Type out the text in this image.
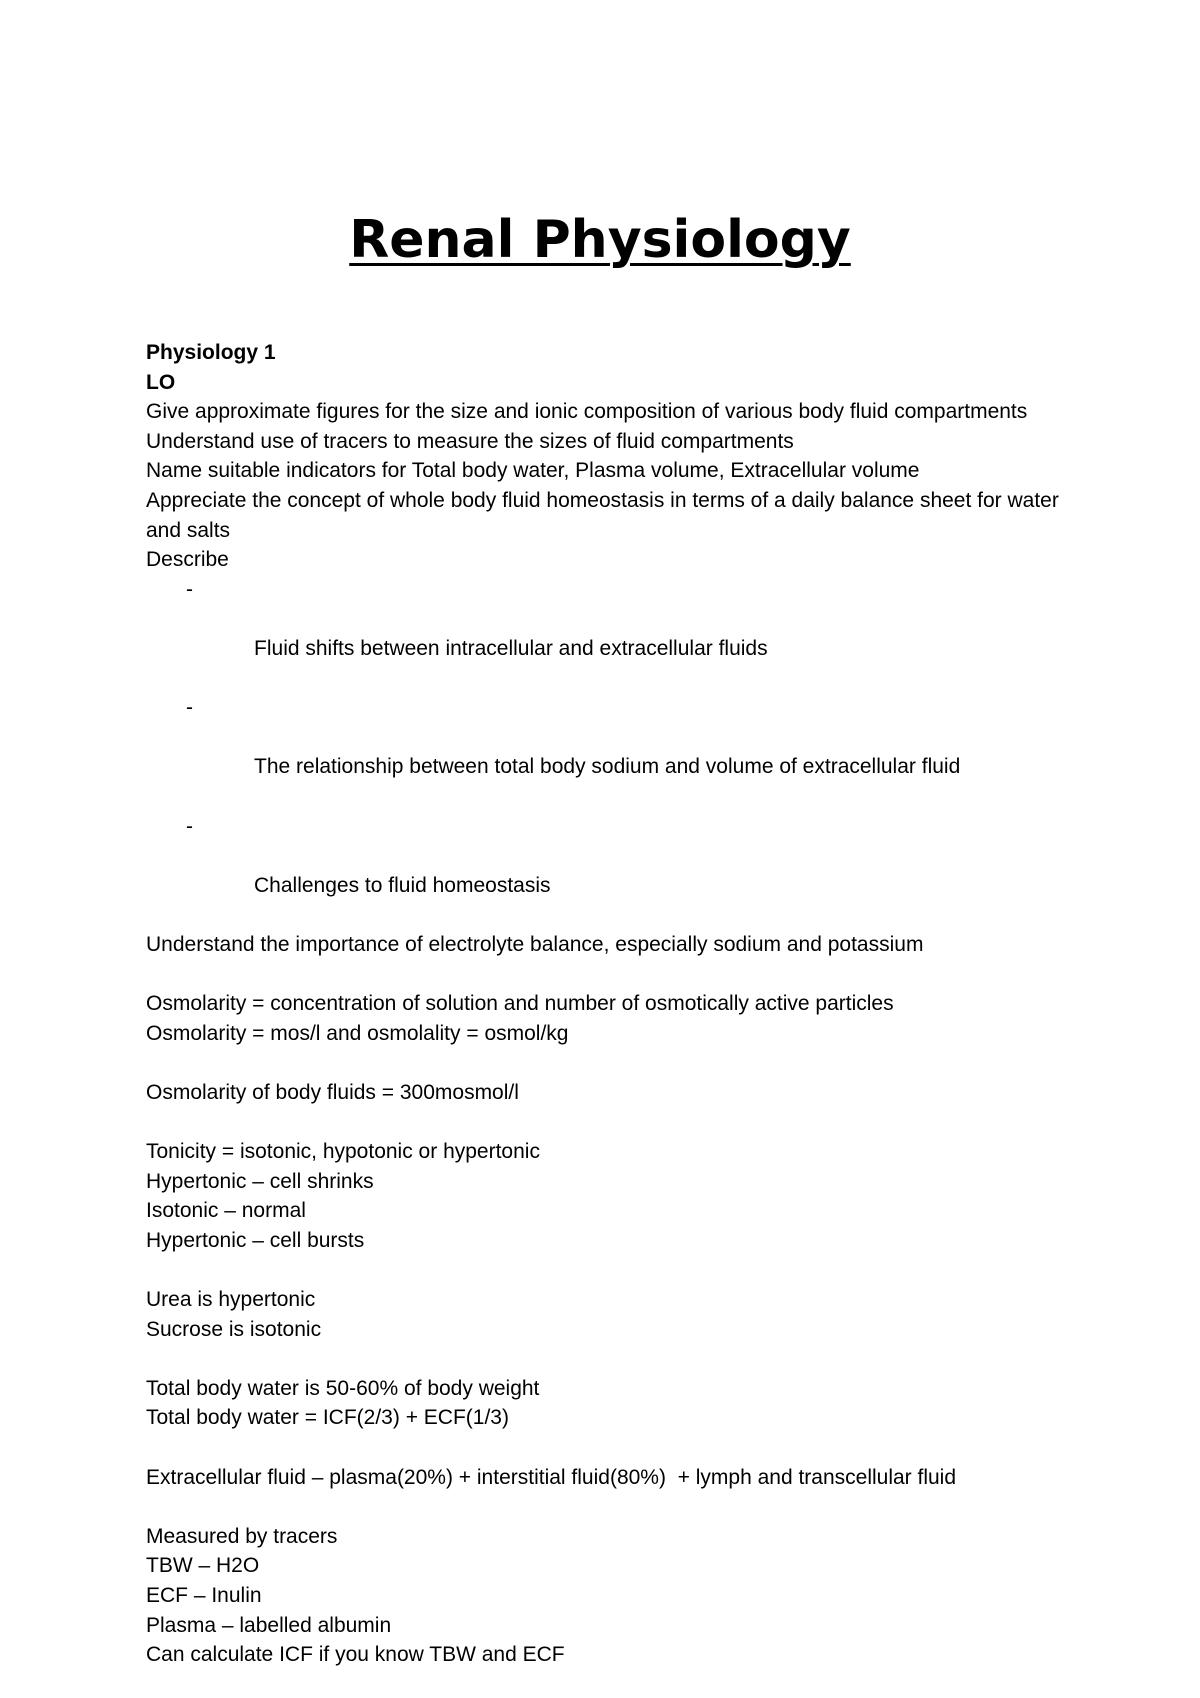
Renal Physiology

Physiology 1

LO

Give approximate figures for the size and ionic composition of various body fluid compartments

Understand use of tracers to measure the sizes of fluid compartments

Name suitable indicators for Total body water, Plasma volume, Extracellular volume

Appreciate the concept of whole body fluid homeostasis in terms of a daily balance sheet for water and salts

Describe

-

Fluid shifts between intracellular and extracellular fluids

-

The relationship between total body sodium and volume of extracellular fluid

-

Challenges to fluid homeostasis

Understand the importance of electrolyte balance, especially sodium and potassium

Osmolarity = concentration of solution and number of osmotically active particles

Osmolarity = mos/l and osmolality = osmol/kg

Osmolarity of body fluids = 300mosmol/l

Tonicity = isotonic, hypotonic or hypertonic

Hypertonic – cell shrinks

Isotonic – normal

Hypertonic – cell bursts

Urea is hypertonic

Sucrose is isotonic

Total body water is 50-60% of body weight

Total body water = ICF(2/3) + ECF(1/3)

Extracellular fluid – plasma(20%) + interstitial fluid(80%)  + lymph and transcellular fluid

Measured by tracers

TBW – H2O

ECF – Inulin

Plasma – labelled albumin

Can calculate ICF if you know TBW and ECF
